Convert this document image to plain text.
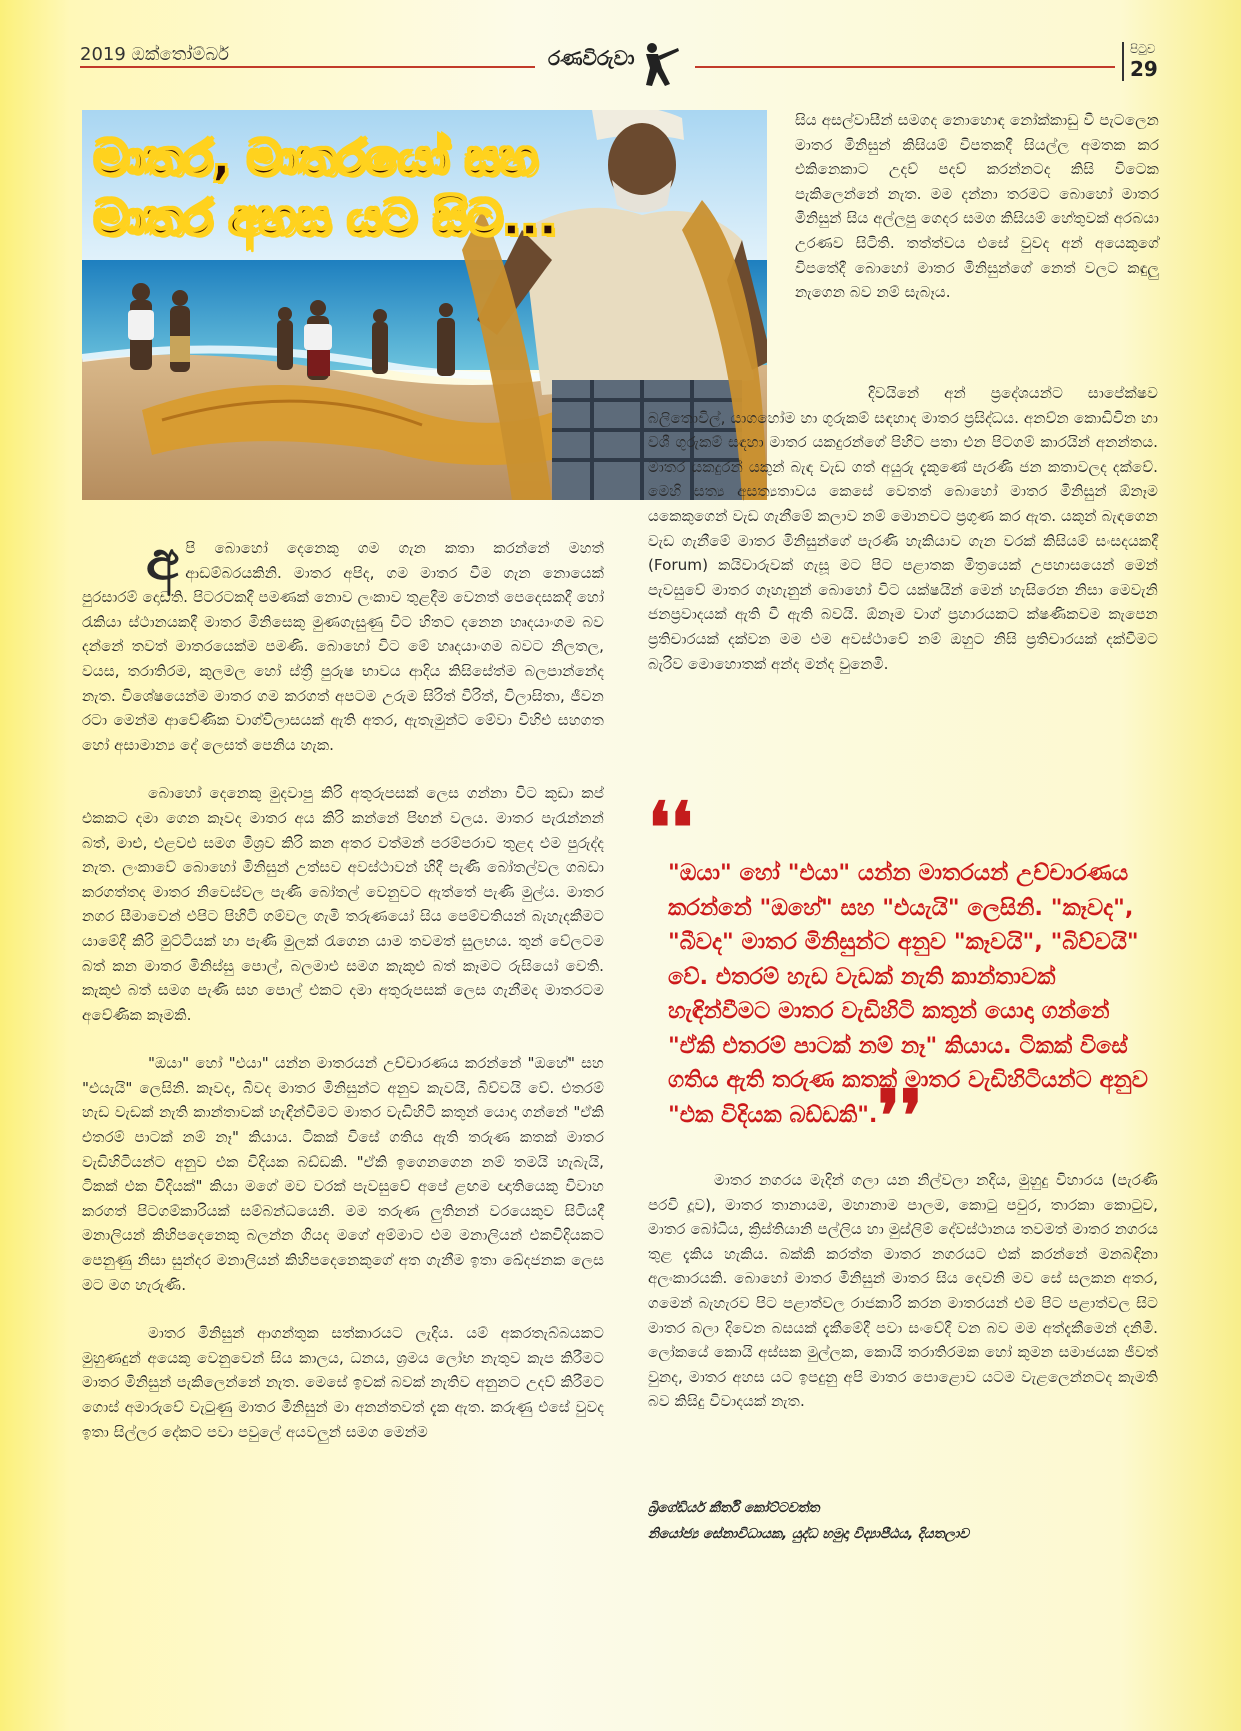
2019 ඔක්තෝම්බර්	රණවිරුවා	පිටුව
29
මාතර, මාතරයෝ සහ මාතර අහස යට සිට...

අපි බොහෝ දෙනෙකු ගම ගැන කතා කරන්නේ මහත් ආඩම්බරයකිනි. මාතර අපිද, ගම මාතර වීම ගැන නොයෙක් පුරසාරම් දොඩති. පිටරටකදී පමණක් නොව ලංකාව තුළදීම වෙනත් පෙදෙසකදී හෝ රැකියා ස්ථානයකදී මාතර මිනිසෙකු මුණගැසුණු විට හිතට දනෙන හෘදයාංගම බව දන්නේ තවත් මාතරයෙක්ම පමණි. බොහෝ විට මේ හෘදයාංගම බවට නිලතල, වයස, තරාතිරම, කුලමල හෝ ස්ත්‍රී පුරුෂ භාවය ආදිය කිසිසේත්ම බලපාන්නේද නැත. විශේෂයෙන්ම මාතර ගම කරගත් අපටම උරුම සිරිත් විරිත්, විලාසිතා, ජීවන රටා මෙන්ම ආවේණික වාග්විලාසයක් ඇති අතර, ඇතැමුන්ට මේවා විහිළු සහගත හෝ අසාමාන්‍ය දේ ලෙසත් පෙනිය හැක.

බොහෝ දෙනෙකු මුදවාපු කිරි අතුරුපසක් ලෙස ගන්නා විට කුඩා කප් එකකට දමා ගෙන කෑවද මාතර අය කිරි කන්නේ පිඟන් වලය. මාතර පැරැන්නන් බත්, මාළු, එළවළු සමග මිශ්‍රව කිරි කන අතර වත්මන් පරම්පරාව තුළද එම පුරුද්ද නැත. ලංකාවේ බොහෝ මිනිසුන් උත්සව අවස්ථාවන් හිදී පැණි බෝතල්වල ගබඩා කරගත්තද මාතර නිවෙස්වල පැණි බෝතල් වෙනුවට ඇත්තේ පැණි මුල්ය. මාතර නගර සීමාවෙන් එපිට පිහිටි ගම්වල ගැමි තරුණයෝ සිය පෙම්වතියන් බැහැදකීමට යාමේදී කිරි මුට්ටියක් හා පැණි මුලක් රැගෙන යාම තවමත් සුලභය. තුන් වේලටම බත් කන මාතර මිනිස්සු පොල්, බලමාළු සමග කැකුළු බත් කෑමට රුසියෝ වෙති. කැකුළු බත් සමග පැණි සහ පොල් එකට දමා අතුරුපසක් ලෙස ගැනීමද මාතරටම අවේණික කෑමකි.

"ඔයා" හෝ "එයා" යන්න මාතරයන් උච්චාරණය කරන්නේ "ඔහේ" සහ "එයැයි" ලෙසිනි. කෑවද, බීවද මාතර මිනිසුන්ට අනුව කැවයි, බිව්වයි වේ. එතරම් හැඩ වැඩක් නැති කාන්තාවක් හැඳින්වීමට මාතර වැඩිහිටි කතුන් යොදා ගන්නේ "ඒකි එතරම් පාටක් නම් නෑ" කියාය. ටිකක් විසේ ගතිය ඇති තරුණ කතක් මාතර වැඩිහිටියන්ට අනුව එක විදියක බඩ්ඩකි. "ඒකි ඉගෙනගෙන නම් තමයි හැබැයි, ටිකක් එක විදියක්" කියා මගේ මව වරක් පැවසුවේ අපේ ළඟම ඥාතියෙකු විවාහ කරගත් පිටගම්කාරියක් සම්බන්ධයෙනි. මම තරුණ ලුතිනන් වරයෙකුව සිටියදී මනාලියන් කිහිපදෙනෙකු බලන්න ගියද මගේ අම්මාට එම මනාලියන් එකවිදියකට පෙනුණු නිසා සුන්දර මනාලියන් කිහිපදෙනෙකුගේ අත ගැනීම ඉතා ඛේදජනක ලෙස මට මග හැරුණි.

මාතර මිනිසුන් ආගන්තුක සත්කාරයට ලැදිය. යම් අකරතැබ්බයකට මුහුණදුන් අයෙකු වෙනුවෙන් සිය කාලය, ධනය, ශ්‍රමය ලෝභ නැතුව කැප කිරීමට මාතර මිනිසුන් පැකිලෙන්නේ නැත. මෙසේ ඉවක් බවක් නැතිව අනුනට උදව් කිරීමට ගොස් අමාරුවේ වැටුණු මාතර මිනිසුන් මා අනන්තවත් දැක ඇත. කරුණු එසේ වුවද ඉතා සිල්ලර දේකට පවා පවුලේ අයවලුන් සමග මෙන්ම

සිය අසල්වාසීන් සමගද නොහොඳ නෝක්කාඩු වී පැටලෙන මාතර මිනිසුන් කිසියම් විපතකදී සියල්ල අමතක කර එකිනෙකාට උදව් පදව් කරන්නටද කිසි විටෙක පැකිලෙන්නේ නැත. මම දන්නා තරමට බොහෝ මාතර මිනිසුන් සිය අල්ලපු ගෙදර සමග කිසියම් හේතුවක් අරබයා උරණව සිටිති. තත්ත්වය එසේ වුවද අන් අයෙකුගේ විපතේදී බොහෝ මාතර මිනිසුන්ගේ නෙත් වලට කඳුලු නැගෙන බව නම් සැබෑය.

දිවයිනේ අන් ප්‍රදේශයන්ට සාපේක්ෂව බලිතොවිල්, යාගහෝම හා ගුරුකම් සඳහාද මාතර ප්‍රසිද්ධය. අනව්න කොඩිවින හා වශී ගුරුකම් සඳහා මාතර යකදුරන්ගේ පිහිට පතා එන පිටගම් කාරයින් අනන්තය. මාතර යකදුරන් යකුන් බැඳ වැඩ ගත් අයුරු දැකුණේ පැරණි ජන කතාවලද දක්වේ. මෙහි සත්‍ය අසත්‍යතාවය කෙසේ වෙතත් බොහෝ මාතර මිනිසුන් ඕනෑම යකෙකුගෙන් වැඩ ගැනීමේ කලාව නම් මොනවට ප්‍රගුණ කර ඇත. යකුන් බැඳගෙන වැඩ ගැනීමේ මාතර මිනිසුන්ගේ පැරණි හැකියාව ගැන වරක් කිසියම් සංසදයකදී (Forum) කයිවාරුවක් ගැසූ මට පිට පළාතක මිත්‍රයෙක් උපහාසයෙන් මෙන් පැවසුවේ මාතර ගෑහැනුන් බොහෝ විට යක්ෂයින් මෙන් හැසිරෙන නිසා මෙවැනි ජනප්‍රවාදයක් ඇති වී ඇති බවයි. ඕනෑම වාග් ප්‍රහාරයකට ක්ෂණිකවම කැපෙන ප්‍රතිචාරයක් දක්වන මම එම අවස්ථාවේ නම් ඔහුට නිසි ප්‍රතිචාරයක් දක්වීමට බැරිව මොහොතක් අන්ද මන්ද වුනෙමි.

❛❛
"ඔයා" හෝ "එයා" යන්න මාතරයන් උච්චාරණය කරන්නේ "ඔහේ" සහ "එයැයි" ලෙසිනි. "කෑවද", "බීවද" මාතර මිනිසුන්ට අනුව "කෑවයි", "බිව්වයි" වේ. එතරම් හැඩ වැඩක් නැති කාන්තාවක් හැඳින්වීමට මාතර වැඩිහිටි කතුන් යොදා ගන්නේ "ඒකි එතරම් පාටක් නම් නෑ" කියාය. ටිකක් විසේ ගතිය ඇති තරුණ කතක් මාතර වැඩිහිටියන්ට අනුව "එක විදියක බඩ්ඩකි".❜❜

මාතර නගරය මැදින් ගලා යන නිල්වලා නදිය, මුහුදු විහාරය (පැරණි පරවි දූව), මාතර තානායම, මහානාම පාලම, කොටු පවුර, තාරකා කොටුව, මාතර බෝධිය, ක්‍රිස්තියානි පල්ලිය හා මුස්ලිම් දේවස්ථානය තවමත් මාතර නගරය තුළ දැකිය හැකිය. බක්කි කරත්ත මාතර නගරයට එක් කරන්නේ මනබඳිනා අලංකාරයකි. බොහෝ මාතර මිනිසුන් මාතර සිය දෙවනි මව සේ සලකන අතර, ගමෙන් බැහැරව පිට පළාත්වල රාජකාරි කරන මාතරයන් එම පිට පළාත්වල සිට මාතර බලා දිවෙන බසයක් දැකීමේදී පවා සංවේදී වන බව මම අත්දැකීමෙන් දනිමි. ලෝකයේ කොයි අස්සක මුල්ලක, කොයි තරාතිරමක හෝ කුමන සමාජයක ජීවත් වුනද, මාතර අහස යට ඉපදුනු අපි මාතර පොළොව යටම වැළලෙන්නටද කැමති බව කිසිදු විවාදයක් නැත.

බ්‍රිගේඩියර් කීර්ති කෝට්ටවත්ත
නියෝජ්‍ය සේනාවිධායක, යුද්ධ හමුදා විද්‍යාපීඨය, දියතලාව
